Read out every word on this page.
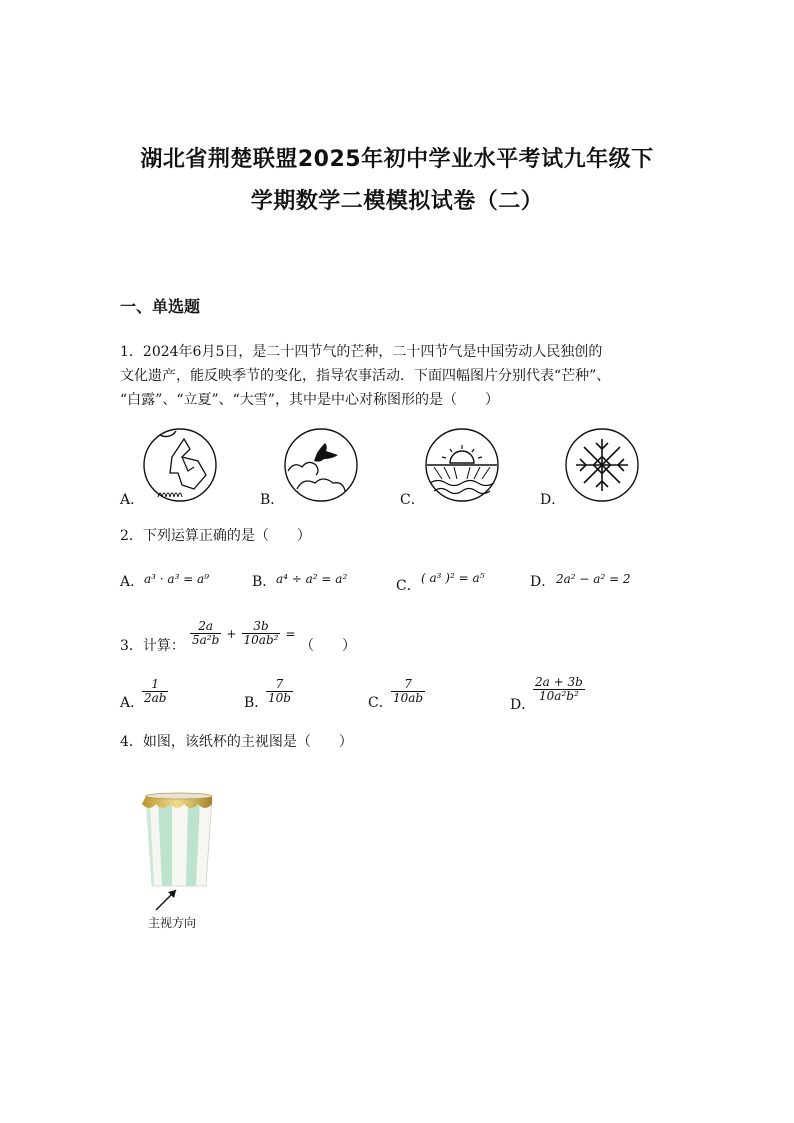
湖北省荆楚联盟2025年初中学业水平考试九年级下
学期数学二模模拟试卷（二）
一、单选题
1．2024年6月5日，是二十四节气的芒种，二十四节气是中国劳动人民独创的
文化遗产，能反映季节的变化，指导农事活动．下面四幅图片分别代表“芒种”、
“白露”、“立夏”、“大雪”，其中是中心对称图形的是（　　）
A．	B．	C．	D．
2．下列运算正确的是（　　）
A． a³ · a³ = a⁹	B． a⁴ ÷ a² = a²	C． ( a³ )² = a⁵	D． 2a² − a² = 2
3．计算： $\frac{2a}{\text{5a²b}} + \frac{3b}{\text{10ab²}}$ =
（　　）
A．
$\frac{1}{2ab}$	B．
$\frac{7}{10b}$	C．
$\frac{7}{10ab}$	D．
$\frac{2a + 3b}{\text{10a²b²}}$
4．如图，该纸杯的主视图是（　　）
主视方向
